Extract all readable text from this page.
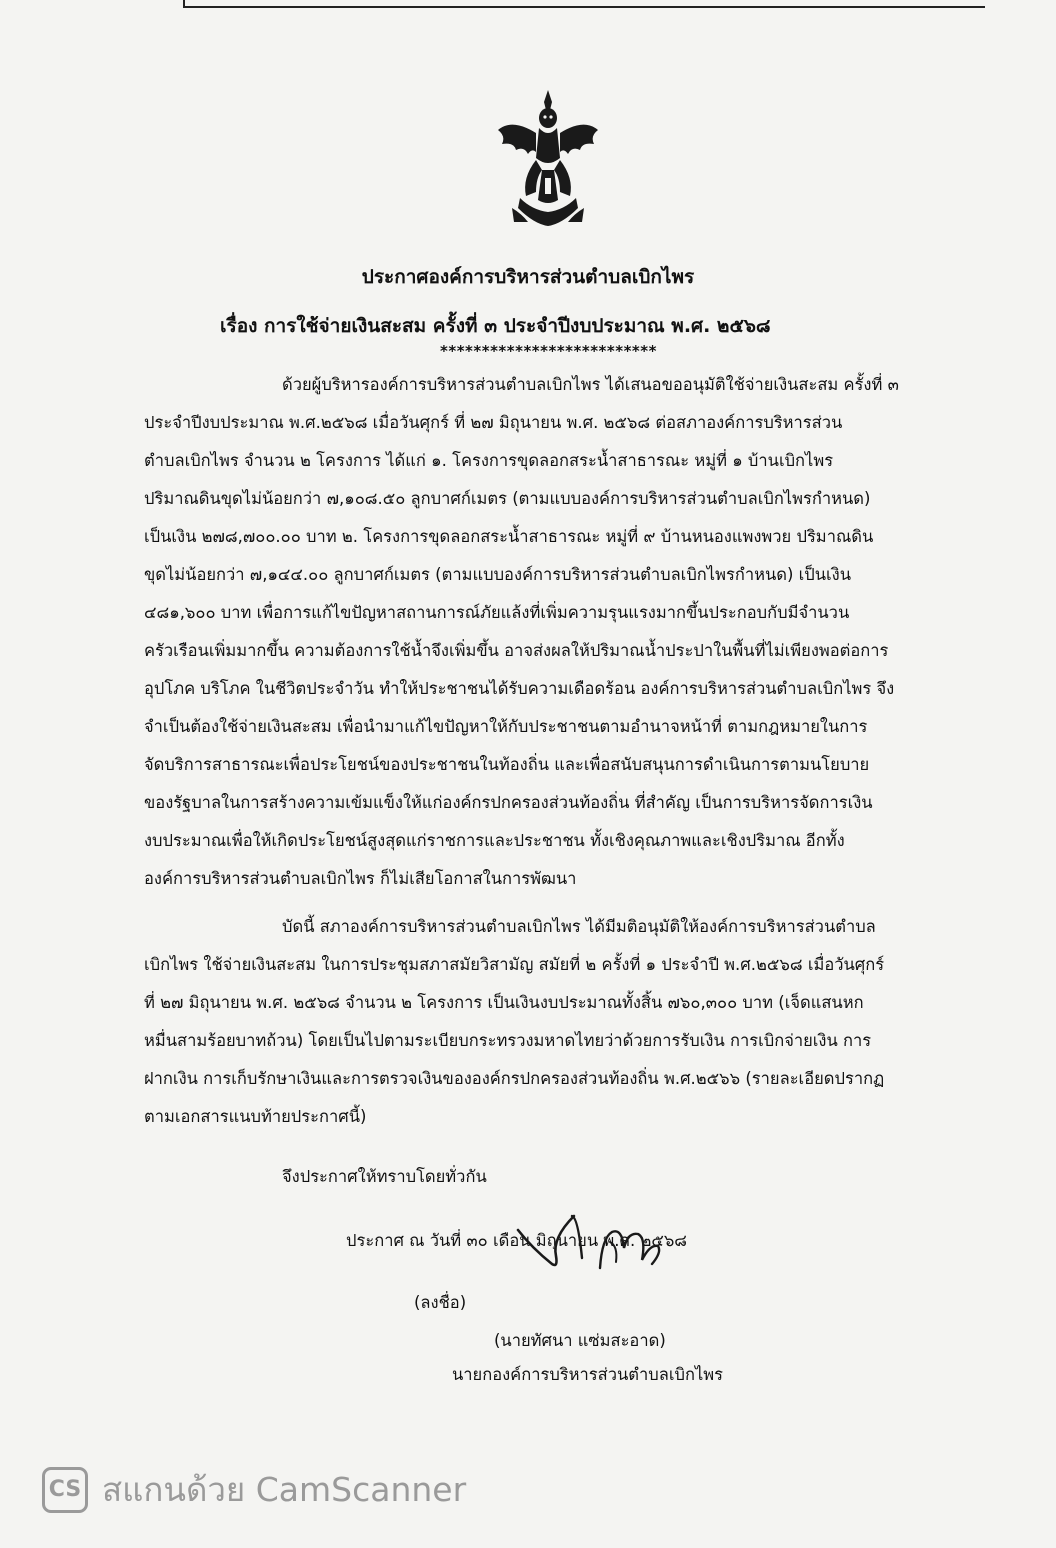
ประกาศองค์การบริหารส่วนตำบลเบิกไพร
เรื่อง การใช้จ่ายเงินสะสม ครั้งที่ ๓ ประจำปีงบประมาณ พ.ศ. ๒๕๖๘
**************************
ด้วยผู้บริหารองค์การบริหารส่วนตำบลเบิกไพร ได้เสนอขออนุมัติใช้จ่ายเงินสะสม ครั้งที่ ๓
ประจำปีงบประมาณ พ.ศ.๒๕๖๘ เมื่อวันศุกร์ ที่ ๒๗ มิถุนายน พ.ศ. ๒๕๖๘ ต่อสภาองค์การบริหารส่วน
ตำบลเบิกไพร จำนวน ๒ โครงการ ได้แก่ ๑. โครงการขุดลอกสระน้ำสาธารณะ หมู่ที่ ๑ บ้านเบิกไพร
ปริมาณดินขุดไม่น้อยกว่า ๗,๑๐๘.๕๐ ลูกบาศก์เมตร (ตามแบบองค์การบริหารส่วนตำบลเบิกไพรกำหนด)
เป็นเงิน ๒๗๘,๗๐๐.๐๐ บาท ๒. โครงการขุดลอกสระน้ำสาธารณะ หมู่ที่ ๙ บ้านหนองแพงพวย ปริมาณดิน
ขุดไม่น้อยกว่า ๗,๑๔๔.๐๐ ลูกบาศก์เมตร (ตามแบบองค์การบริหารส่วนตำบลเบิกไพรกำหนด) เป็นเงิน
๔๘๑,๖๐๐ บาท เพื่อการแก้ไขปัญหาสถานการณ์ภัยแล้งที่เพิ่มความรุนแรงมากขึ้นประกอบกับมีจำนวน
ครัวเรือนเพิ่มมากขึ้น ความต้องการใช้น้ำจึงเพิ่มขึ้น อาจส่งผลให้ปริมาณน้ำประปาในพื้นที่ไม่เพียงพอต่อการ
อุปโภค บริโภค ในชีวิตประจำวัน ทำให้ประชาชนได้รับความเดือดร้อน องค์การบริหารส่วนตำบลเบิกไพร จึง
จำเป็นต้องใช้จ่ายเงินสะสม เพื่อนำมาแก้ไขปัญหาให้กับประชาชนตามอำนาจหน้าที่ ตามกฎหมายในการ
จัดบริการสาธารณะเพื่อประโยชน์ของประชาชนในท้องถิ่น และเพื่อสนับสนุนการดำเนินการตามนโยบาย
ของรัฐบาลในการสร้างความเข้มแข็งให้แก่องค์กรปกครองส่วนท้องถิ่น ที่สำคัญ เป็นการบริหารจัดการเงิน
งบประมาณเพื่อให้เกิดประโยชน์สูงสุดแก่ราชการและประชาชน ทั้งเชิงคุณภาพและเชิงปริมาณ อีกทั้ง
องค์การบริหารส่วนตำบลเบิกไพร ก็ไม่เสียโอกาสในการพัฒนา
บัดนี้ สภาองค์การบริหารส่วนตำบลเบิกไพร ได้มีมติอนุมัติให้องค์การบริหารส่วนตำบล
เบิกไพร ใช้จ่ายเงินสะสม ในการประชุมสภาสมัยวิสามัญ สมัยที่ ๒ ครั้งที่ ๑ ประจำปี พ.ศ.๒๕๖๘ เมื่อวันศุกร์
ที่ ๒๗ มิถุนายน พ.ศ. ๒๕๖๘ จำนวน ๒ โครงการ เป็นเงินงบประมาณทั้งสิ้น ๗๖๐,๓๐๐ บาท (เจ็ดแสนหก
หมื่นสามร้อยบาทถ้วน) โดยเป็นไปตามระเบียบกระทรวงมหาดไทยว่าด้วยการรับเงิน การเบิกจ่ายเงิน การ
ฝากเงิน การเก็บรักษาเงินและการตรวจเงินขององค์กรปกครองส่วนท้องถิ่น พ.ศ.๒๕๖๖ (รายละเอียดปรากฏ
ตามเอกสารแนบท้ายประกาศนี้)
จึงประกาศให้ทราบโดยทั่วกัน
ประกาศ ณ วันที่ ๓๐ เดือน มิถุนายน พ.ศ. ๒๕๖๘
(ลงชื่อ)
(นายทัศนา แซ่มสะอาด)
นายกองค์การบริหารส่วนตำบลเบิกไพร
CS สแกนด้วย CamScanner
